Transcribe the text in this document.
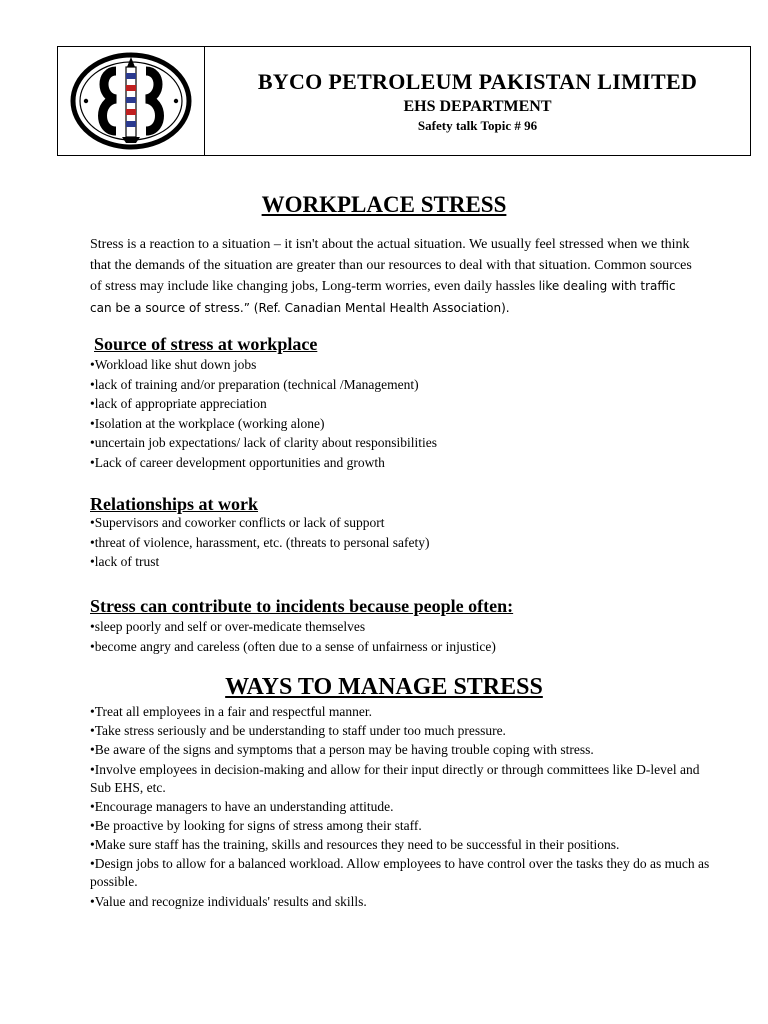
BYCO PETROLEUM PAKISTAN LIMITED
EHS DEPARTMENT
Safety talk Topic # 96
WORKPLACE STRESS
Stress is a reaction to a situation – it isn't about the actual situation. We usually feel stressed when we think that the demands of the situation are greater than our resources to deal with that situation. Common sources of stress may include like changing jobs, Long-term worries, even daily hassles like dealing with traffic can be a source of stress.” (Ref. Canadian Mental Health Association).
Source of stress at workplace
•Workload like shut down jobs
•lack of training and/or preparation (technical /Management)
•lack of appropriate appreciation
•Isolation at the workplace (working alone)
•uncertain job expectations/ lack of clarity about responsibilities
•Lack of career development opportunities and growth
Relationships at work
•Supervisors and coworker conflicts or lack of support
•threat of violence, harassment, etc. (threats to personal safety)
•lack of trust
Stress can contribute to incidents because people often:
•sleep poorly and self or over-medicate themselves
•become angry and careless (often due to a sense of unfairness or injustice)
WAYS TO MANAGE STRESS
•Treat all employees in a fair and respectful manner.
•Take stress seriously and be understanding to staff under too much pressure.
•Be aware of the signs and symptoms that a person may be having trouble coping with stress.
•Involve employees in decision-making and allow for their input directly or through committees like D-level and Sub EHS, etc.
•Encourage managers to have an understanding attitude.
•Be proactive by looking for signs of stress among their staff.
•Make sure staff has the training, skills and resources they need to be successful in their positions.
•Design jobs to allow for a balanced workload. Allow employees to have control over the tasks they do as much as possible.
•Value and recognize individuals' results and skills.
